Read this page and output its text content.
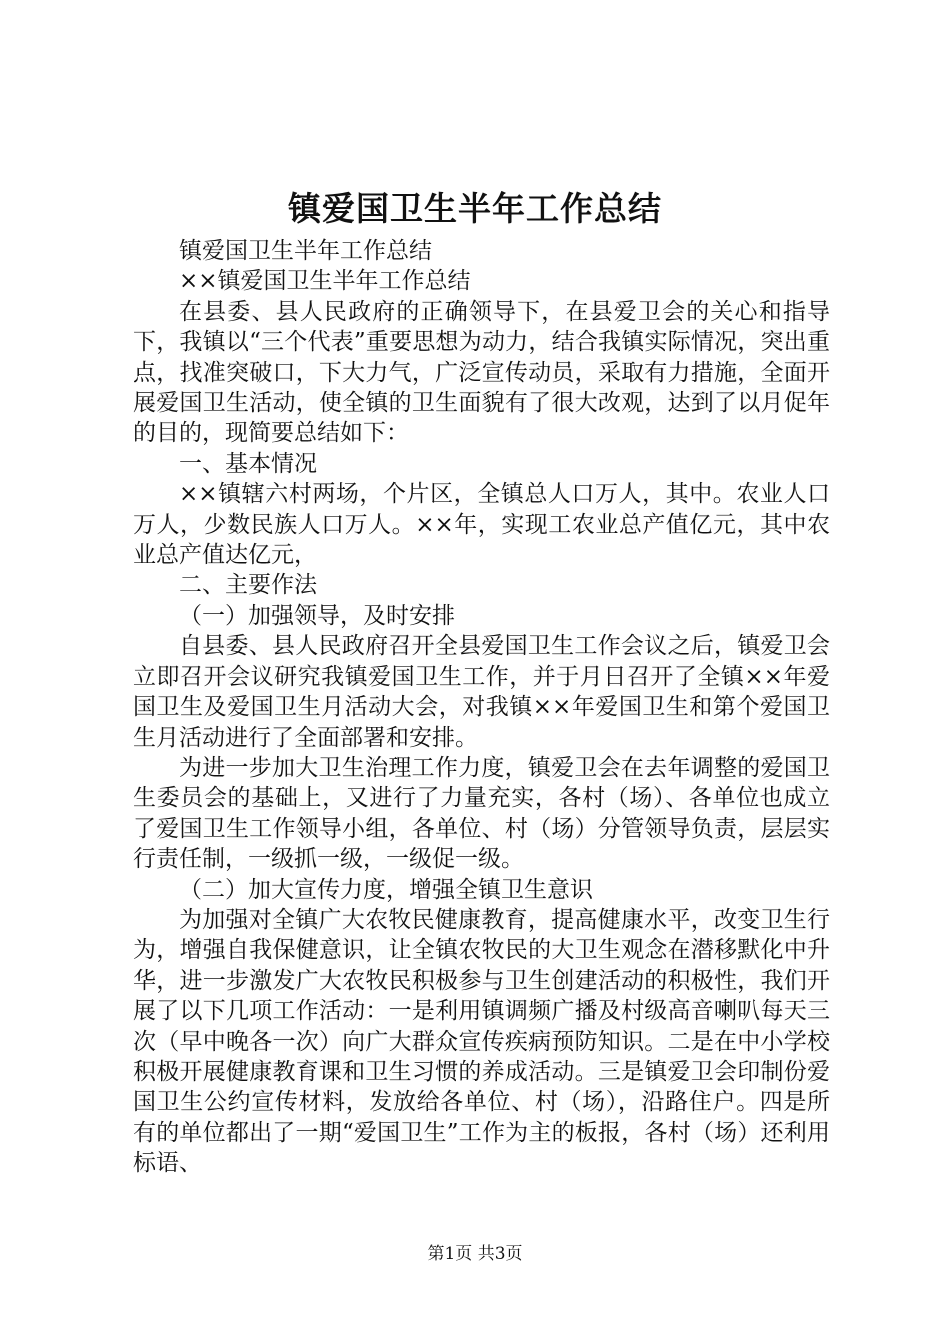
镇爱国卫生半年工作总结

镇爱国卫生半年工作总结

××镇爱国卫生半年工作总结

在县委、县人民政府的正确领导下，在县爱卫会的关心和指导下，我镇以“三个代表”重要思想为动力，结合我镇实际情况，突出重点，找准突破口，下大力气，广泛宣传动员，采取有力措施，全面开展爱国卫生活动，使全镇的卫生面貌有了很大改观，达到了以月促年的目的，现简要总结如下：

一、基本情况

××镇辖六村两场，个片区，全镇总人口万人，其中。农业人口万人，少数民族人口万人。××年，实现工农业总产值亿元，其中农业总产值达亿元，

二、主要作法

（一）加强领导，及时安排

自县委、县人民政府召开全县爱国卫生工作会议之后，镇爱卫会立即召开会议研究我镇爱国卫生工作，并于月日召开了全镇××年爱国卫生及爱国卫生月活动大会，对我镇××年爱国卫生和第个爱国卫生月活动进行了全面部署和安排。

为进一步加大卫生治理工作力度，镇爱卫会在去年调整的爱国卫生委员会的基础上，又进行了力量充实，各村（场）、各单位也成立了爱国卫生工作领导小组，各单位、村（场）分管领导负责，层层实行责任制，一级抓一级，一级促一级。

（二）加大宣传力度，增强全镇卫生意识

为加强对全镇广大农牧民健康教育，提高健康水平，改变卫生行为，增强自我保健意识，让全镇农牧民的大卫生观念在潜移默化中升华，进一步激发广大农牧民积极参与卫生创建活动的积极性，我们开展了以下几项工作活动：一是利用镇调频广播及村级高音喇叭每天三次（早中晚各一次）向广大群众宣传疾病预防知识。二是在中小学校积极开展健康教育课和卫生习惯的养成活动。三是镇爱卫会印制份爱国卫生公约宣传材料，发放给各单位、村（场），沿路住户。四是所有的单位都出了一期“爱国卫生”工作为主的板报，各村（场）还利用标语、

第1页 共3页
